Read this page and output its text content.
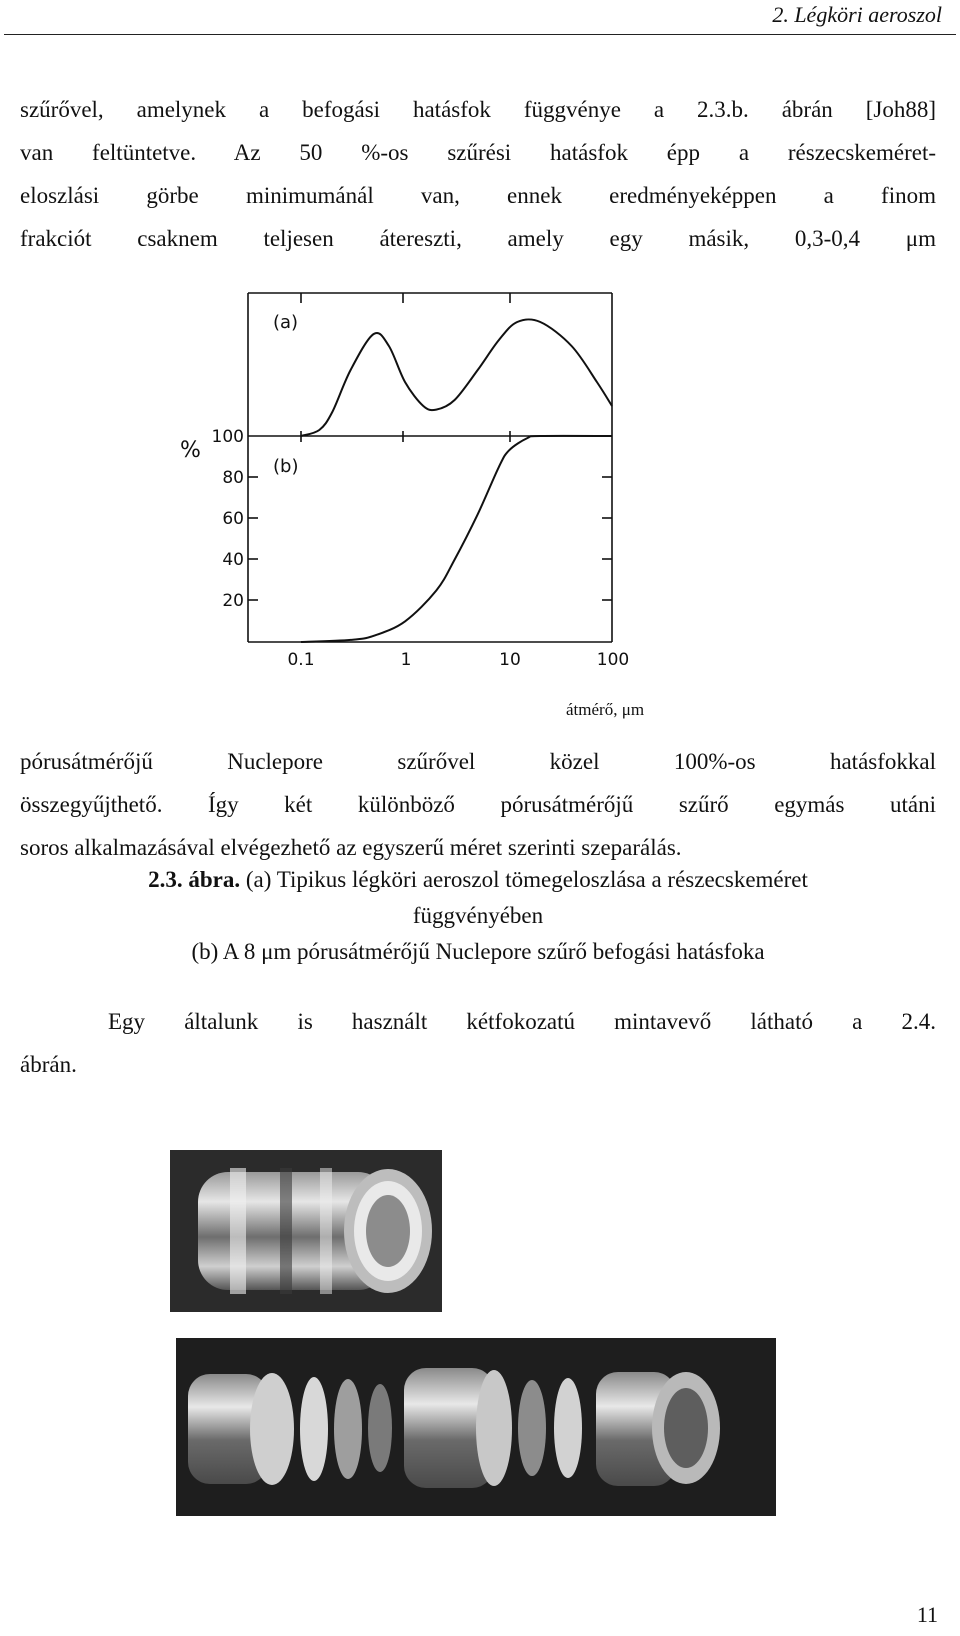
2. Légköri aeroszol
szűrővel, amelynek a befogási hatásfok függvénye a 2.3.b. ábrán [Joh88]
van feltüntetve. Az 50 %-os szűrési hatásfok épp a részecskeméret-
eloszlási görbe minimumánál van, ennek eredményeképpen a finom
frakciót csaknem teljesen átereszti, amely egy másik, 0,3-0,4 μm
(a)
(b)
%
100
80
60
40
20
0.1	1	10	100
átmérő, μm
pórusátmérőjű Nuclepore szűrővel közel 100%-os hatásfokkal
összegyűjthető. Így két különböző pórusátmérőjű szűrő egymás utáni
soros alkalmazásával elvégezhető az egyszerű méret szerinti szeparálás.
2.3. ábra. (a) Tipikus légköri aeroszol tömegeloszlása a részecskeméret
függvényében
(b) A 8 μm pórusátmérőjű Nuclepore szűrő befogási hatásfoka
Egy általunk is használt kétfokozatú mintavevő látható a 2.4.
ábrán.
11
